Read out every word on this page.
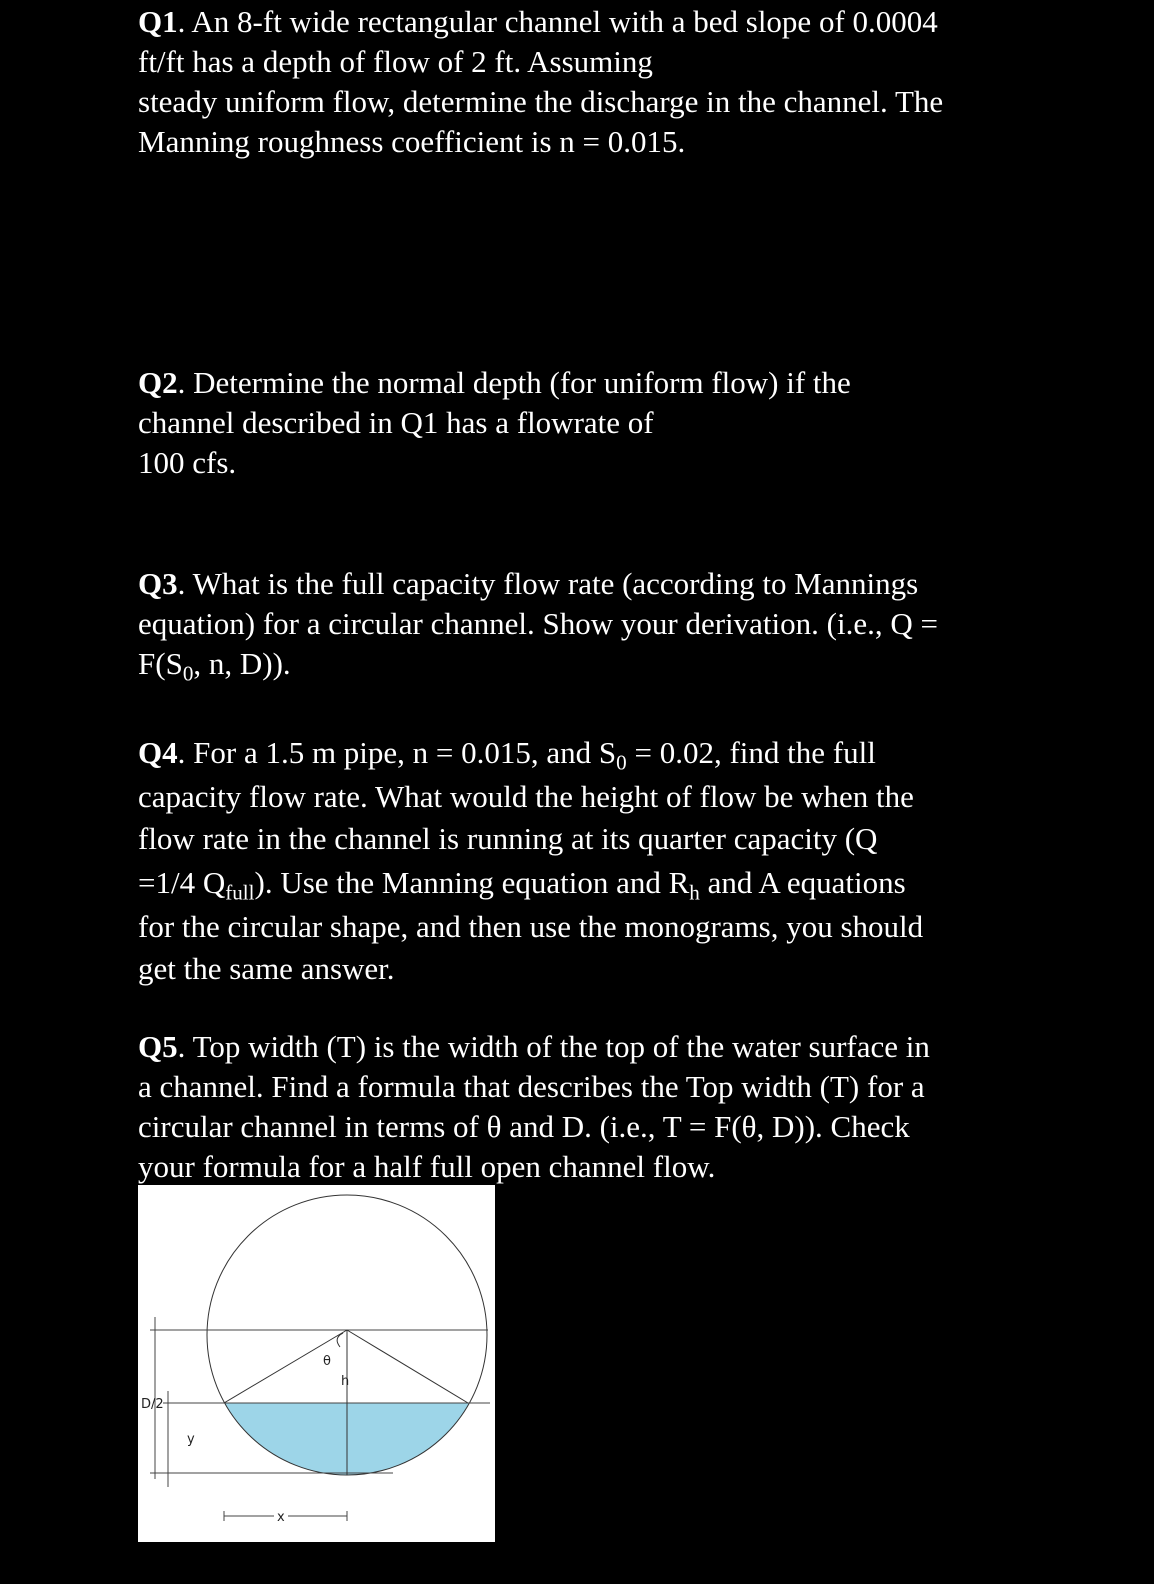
Q1. An 8-ft wide rectangular channel with a bed slope of 0.0004
ft/ft has a depth of flow of 2 ft. Assuming
steady uniform flow, determine the discharge in the channel. The
Manning roughness coefficient is n = 0.015.

Q2. Determine the normal depth (for uniform flow) if the
channel described in Q1 has a flowrate of
100 cfs.

Q3. What is the full capacity flow rate (according to Mannings
equation) for a circular channel. Show your derivation. (i.e., Q =
$F(S_0$, n, D)).

Q4. For a 1.5 m pipe, n = 0.015, and $S_0 = 0.02$, find the full
capacity flow rate. What would the height of flow be when the
flow rate in the channel is running at its quarter capacity (Q
=1/4 $Q_{full}$). Use the Manning equation and $R_h$ and A equations
for the circular shape, and then use the monograms, you should
get the same answer.

Q5. Top width (T) is the width of the top of the water surface in
a channel. Find a formula that describes the Top width (T) for a
circular channel in terms of θ and D. (i.e., T = F(θ, D)). Check
your formula for a half full open channel flow.

θ
h
D/2
y
x
